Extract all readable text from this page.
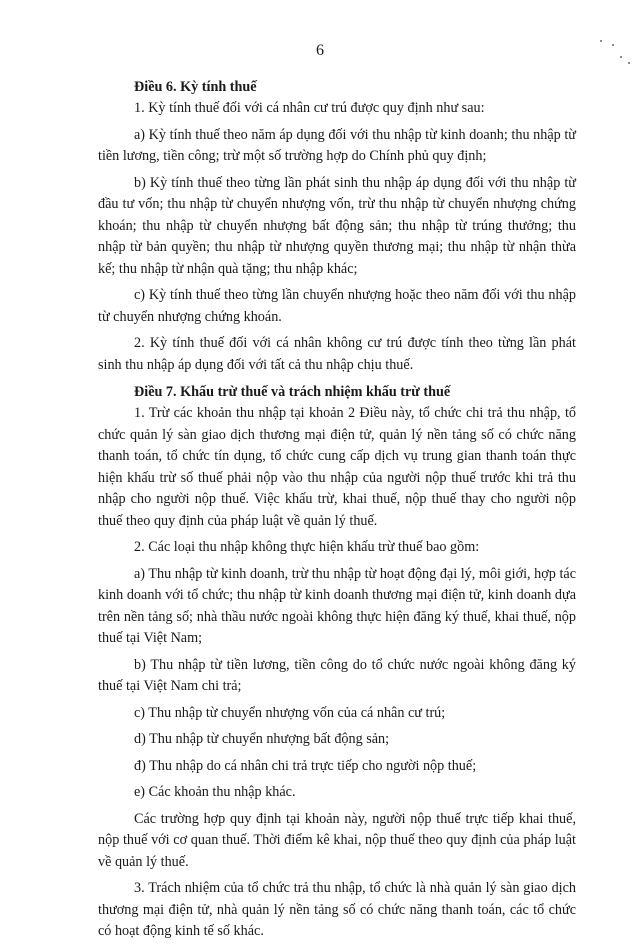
6

Điều 6. Kỳ tính thuế

1. Kỳ tính thuế đối với cá nhân cư trú được quy định như sau:

a) Kỳ tính thuế theo năm áp dụng đối với thu nhập từ kinh doanh; thu nhập từ tiền lương, tiền công; trừ một số trường hợp do Chính phủ quy định;

b) Kỳ tính thuế theo từng lần phát sinh thu nhập áp dụng đối với thu nhập từ đầu tư vốn; thu nhập từ chuyển nhượng vốn, trừ thu nhập từ chuyển nhượng chứng khoán; thu nhập từ chuyển nhượng bất động sản; thu nhập từ trúng thưởng; thu nhập từ bản quyền; thu nhập từ nhượng quyền thương mại; thu nhập từ nhận thừa kế; thu nhập từ nhận quà tặng; thu nhập khác;

c) Kỳ tính thuế theo từng lần chuyển nhượng hoặc theo năm đối với thu nhập từ chuyển nhượng chứng khoán.

2. Kỳ tính thuế đối với cá nhân không cư trú được tính theo từng lần phát sinh thu nhập áp dụng đối với tất cả thu nhập chịu thuế.

Điều 7. Khấu trừ thuế và trách nhiệm khấu trừ thuế

1. Trừ các khoản thu nhập tại khoản 2 Điều này, tổ chức chi trả thu nhập, tổ chức quản lý sàn giao dịch thương mại điện tử, quản lý nền tảng số có chức năng thanh toán, tổ chức tín dụng, tổ chức cung cấp dịch vụ trung gian thanh toán thực hiện khấu trừ số thuế phải nộp vào thu nhập của người nộp thuế trước khi trả thu nhập cho người nộp thuế. Việc khấu trừ, khai thuế, nộp thuế thay cho người nộp thuế theo quy định của pháp luật về quản lý thuế.

2. Các loại thu nhập không thực hiện khấu trừ thuế bao gồm:

a) Thu nhập từ kinh doanh, trừ thu nhập từ hoạt động đại lý, môi giới, hợp tác kinh doanh với tổ chức; thu nhập từ kinh doanh thương mại điện tử, kinh doanh dựa trên nền tảng số; nhà thầu nước ngoài không thực hiện đăng ký thuế, khai thuế, nộp thuế tại Việt Nam;

b) Thu nhập từ tiền lương, tiền công do tổ chức nước ngoài không đăng ký thuế tại Việt Nam chi trả;

c) Thu nhập từ chuyển nhượng vốn của cá nhân cư trú;

d) Thu nhập từ chuyển nhượng bất động sản;

đ) Thu nhập do cá nhân chi trả trực tiếp cho người nộp thuế;

e) Các khoản thu nhập khác.

Các trường hợp quy định tại khoản này, người nộp thuế trực tiếp khai thuế, nộp thuế với cơ quan thuế. Thời điểm kê khai, nộp thuế theo quy định của pháp luật về quản lý thuế.

3. Trách nhiệm của tổ chức trả thu nhập, tổ chức là nhà quản lý sàn giao dịch thương mại điện tử, nhà quản lý nền tảng số có chức năng thanh toán, các tổ chức có hoạt động kinh tế số khác.
